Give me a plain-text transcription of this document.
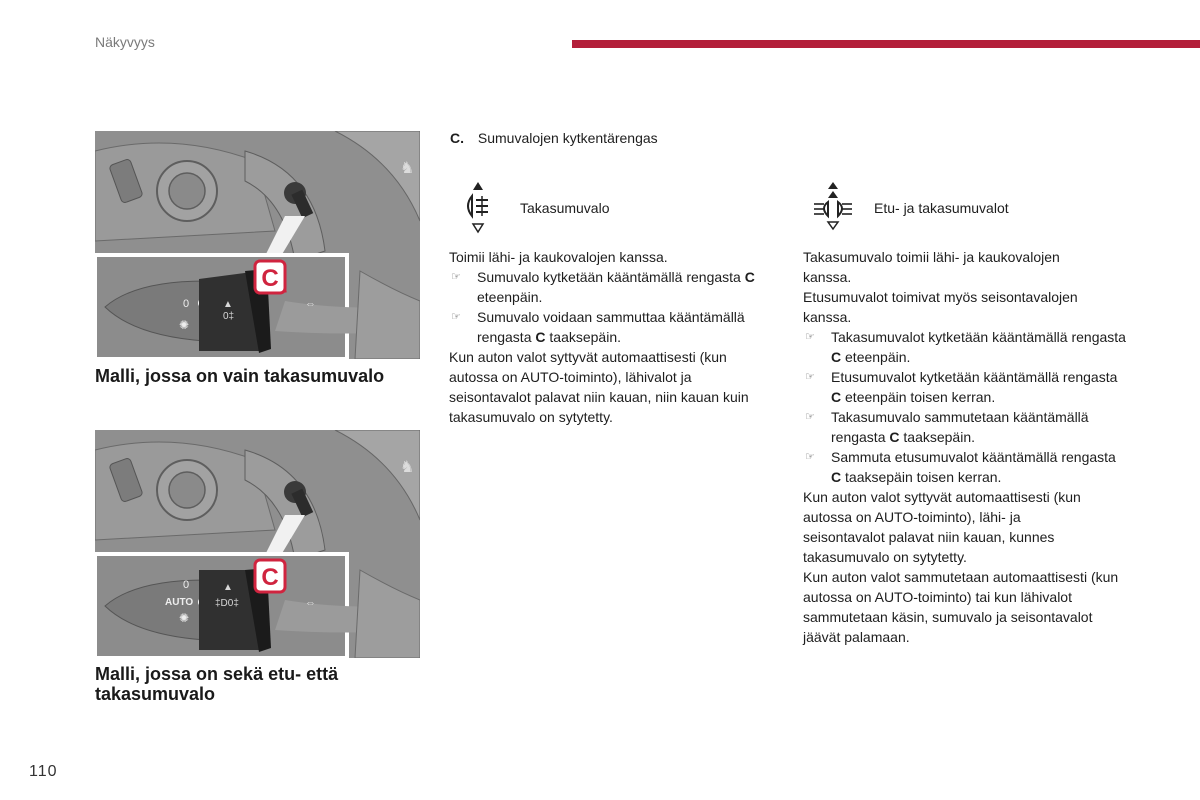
Näkyvyys
♞
0
✺
▲
0‡
⇔
C
Malli, jossa on vain takasumuvalo
♞
0
AUTO
✺
▲
‡D0‡	⇔
C
Malli, jossa on sekä etu- että takasumuvalo
C. Sumuvalojen kytkentärengas
Takasumuvalo	Etu- ja takasumuvalot

Toimii lähi- ja kaukovalojen kanssa.

☞ Sumuvalo kytketään kääntämällä rengasta C eteenpäin.
☞ Sumuvalo voidaan sammuttaa kääntämällä rengasta C taaksepäin.

Kun auton valot syttyvät automaattisesti (kun autossa on AUTO-toiminto), lähivalot ja seisontavalot palavat niin kauan, niin kauan kuin takasumuvalo on sytytetty.

Takasumuvalo toimii lähi- ja kaukovalojen kanssa.

Etusumuvalot toimivat myös seisontavalojen kanssa.

☞ Takasumuvalot kytketään kääntämällä rengasta C eteenpäin.
☞ Etusumuvalot kytketään kääntämällä rengasta C eteenpäin toisen kerran.
☞ Takasumuvalo sammutetaan kääntämällä rengasta C taaksepäin.
☞ Sammuta etusumuvalot kääntämällä rengasta C taaksepäin toisen kerran.

Kun auton valot syttyvät automaattisesti (kun autossa on AUTO-toiminto), lähi- ja seisontavalot palavat niin kauan, kunnes takasumuvalo on sytytetty.

Kun auton valot sammutetaan automaattisesti (kun autossa on AUTO-toiminto) tai kun lähivalot sammutetaan käsin, sumuvalo ja seisontavalot jäävät palamaan.

110
